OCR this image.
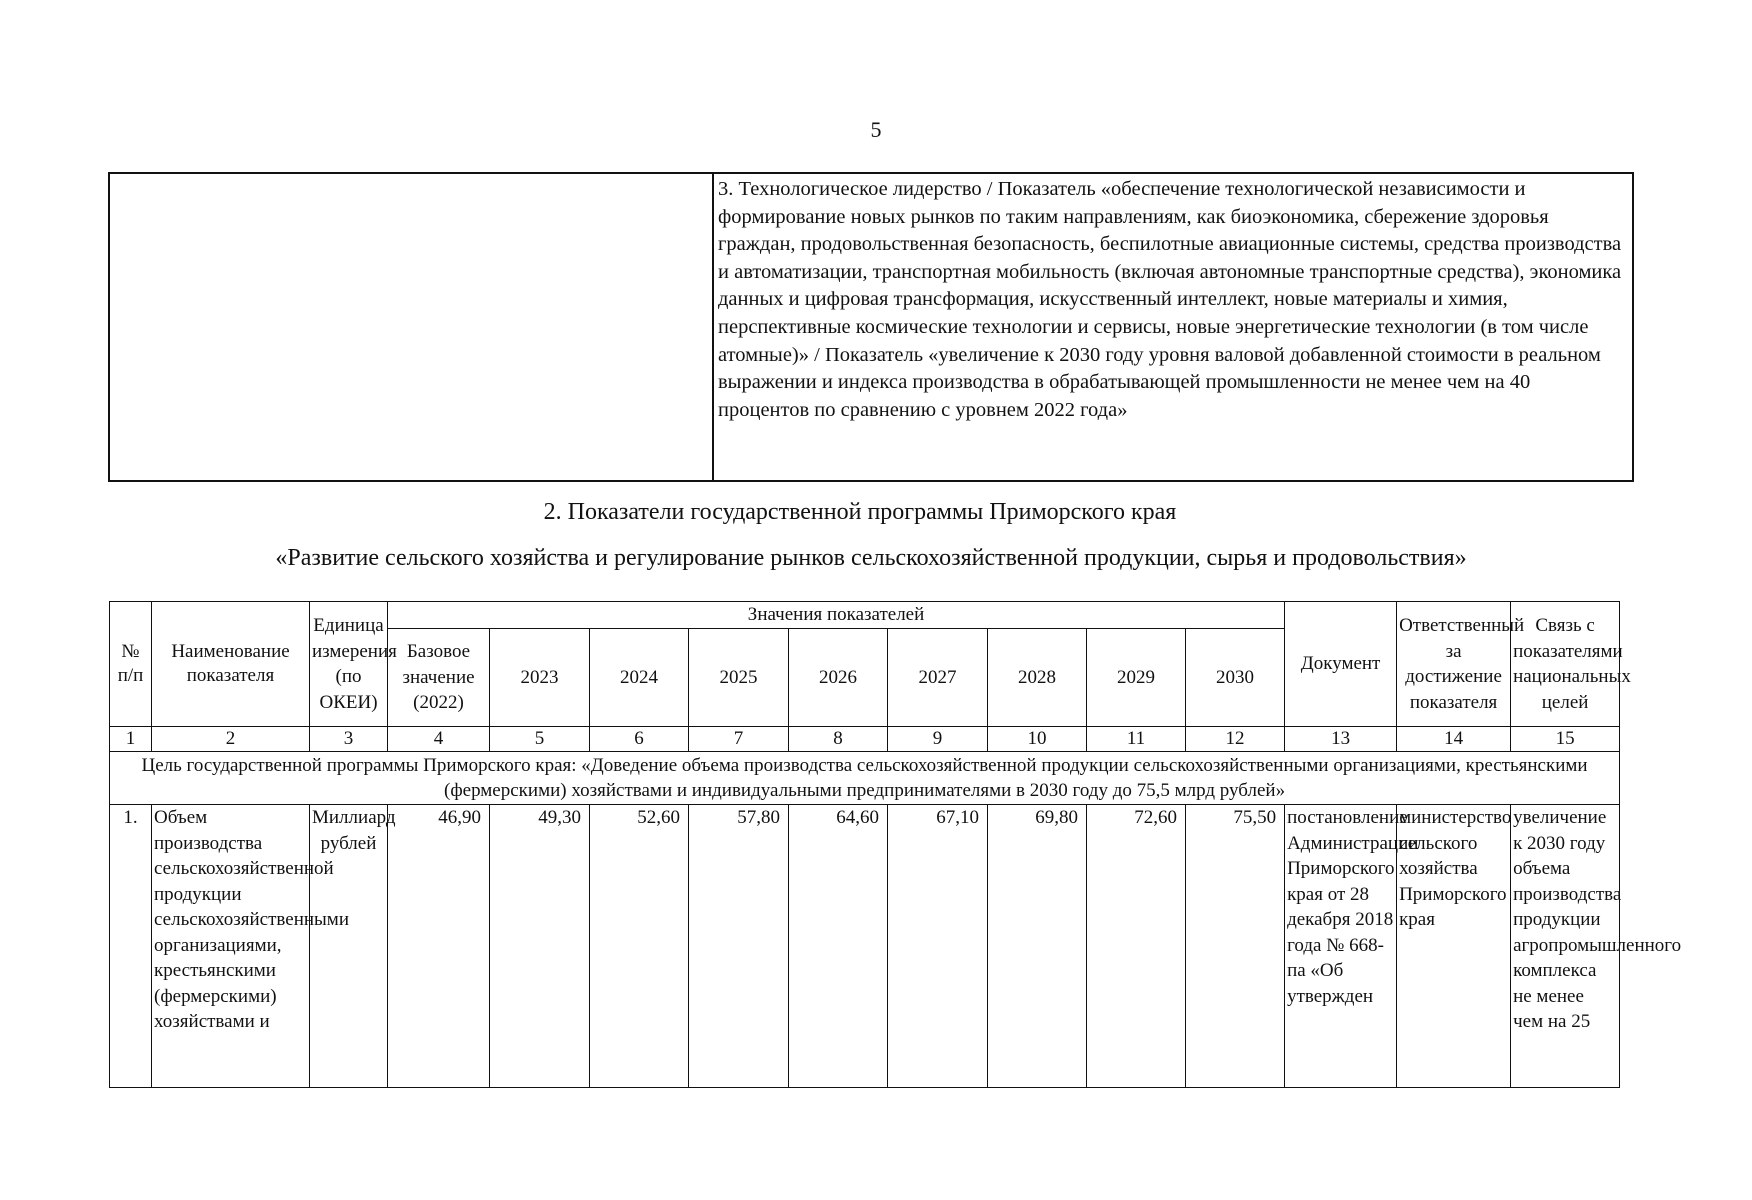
5
	3. Технологическое лидерство / Показатель «обеспечение технологической независимости и формирование новых рынков по таким направлениям, как биоэкономика, сбережение здоровья граждан, продовольственная безопасность, беспилотные авиационные системы, средства производства и автоматизации, транспортная мобильность (включая автономные транспортные средства), экономика данных и цифровая трансформация, искусственный интеллект, новые материалы и химия, перспективные космические технологии и сервисы, новые энергетические технологии (в том числе атомные)» / Показатель «увеличение к 2030 году уровня валовой добавленной стоимости в реальном выражении и индекса производства в обрабатывающей промышленности не менее чем на 40 процентов по сравнению с уровнем 2022 года»
2. Показатели государственной программы Приморского края
«Развитие сельского хозяйства и регулирование рынков сельскохозяйственной продукции, сырья и продовольствия»
№ п/п	Наименование показателя	Единица измерения (по ОКЕИ)	Значения показателей									Документ	Ответственный за достижение показателя	Связь с показателями национальных целей
			Базовое значение (2022)	2023	2024	2025	2026	2027	2028	2029	2030			
1	2	3	4	5	6	7	8	9	10	11	12	13	14	15
Цель государственной программы Приморского края: «Доведение объема производства сельскохозяйственной продукции сельскохозяйственными организациями, крестьянскими (фермерскими) хозяйствами и индивидуальными предпринимателями в 2030 году до 75,5 млрд рублей»														
1.	Объем производства сельскохозяйственной продукции сельскохозяйственными организациями, крестьянскими (фермерскими) хозяйствами и	Миллиард рублей	46,90	49,30	52,60	57,80	64,60	67,10	69,80	72,60	75,50	постановление Администрации Приморского края от 28 декабря 2018 года № 668-па «Об утвержден	министерство сельского хозяйства Приморского края	увеличение к 2030 году объема производства продукции агропромышленного комплекса не менее чем на 25
